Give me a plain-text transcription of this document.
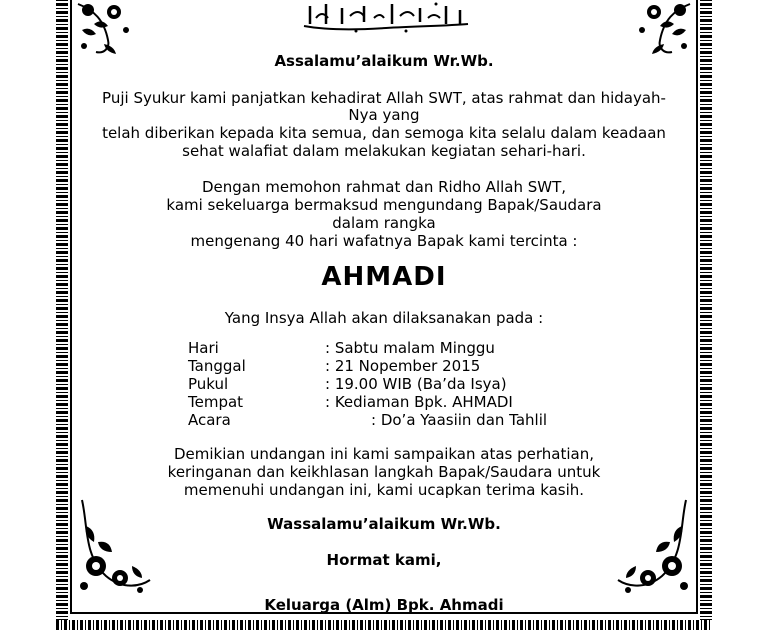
Assalamu’alaikum Wr.Wb.
Puji Syukur kami panjatkan kehadirat Allah SWT, atas rahmat dan hidayah-
Nya yang
telah diberikan kepada kita semua, dan semoga kita selalu dalam keadaan
sehat walafiat dalam melakukan kegiatan sehari-hari.
Dengan memohon rahmat dan Ridho Allah SWT,
kami sekeluarga bermaksud mengundang Bapak/Saudara
dalam rangka
mengenang 40 hari wafatnya Bapak kami tercinta :
AHMADI
Yang Insya Allah akan dilaksanakan pada :
Hari	: Sabtu malam Minggu
Tanggal	: 21 Nopember 2015
Pukul	: 19.00 WIB (Ba’da Isya)
Tempat	: Kediaman Bpk. AHMADI
Acara	: Do’a Yaasiin dan Tahlil
Demikian undangan ini kami sampaikan atas perhatian,
keringanan dan keikhlasan langkah Bapak/Saudara untuk
memenuhi undangan ini, kami ucapkan terima kasih.
Wassalamu’alaikum Wr.Wb.
Hormat kami,
Keluarga (Alm) Bpk. Ahmadi
